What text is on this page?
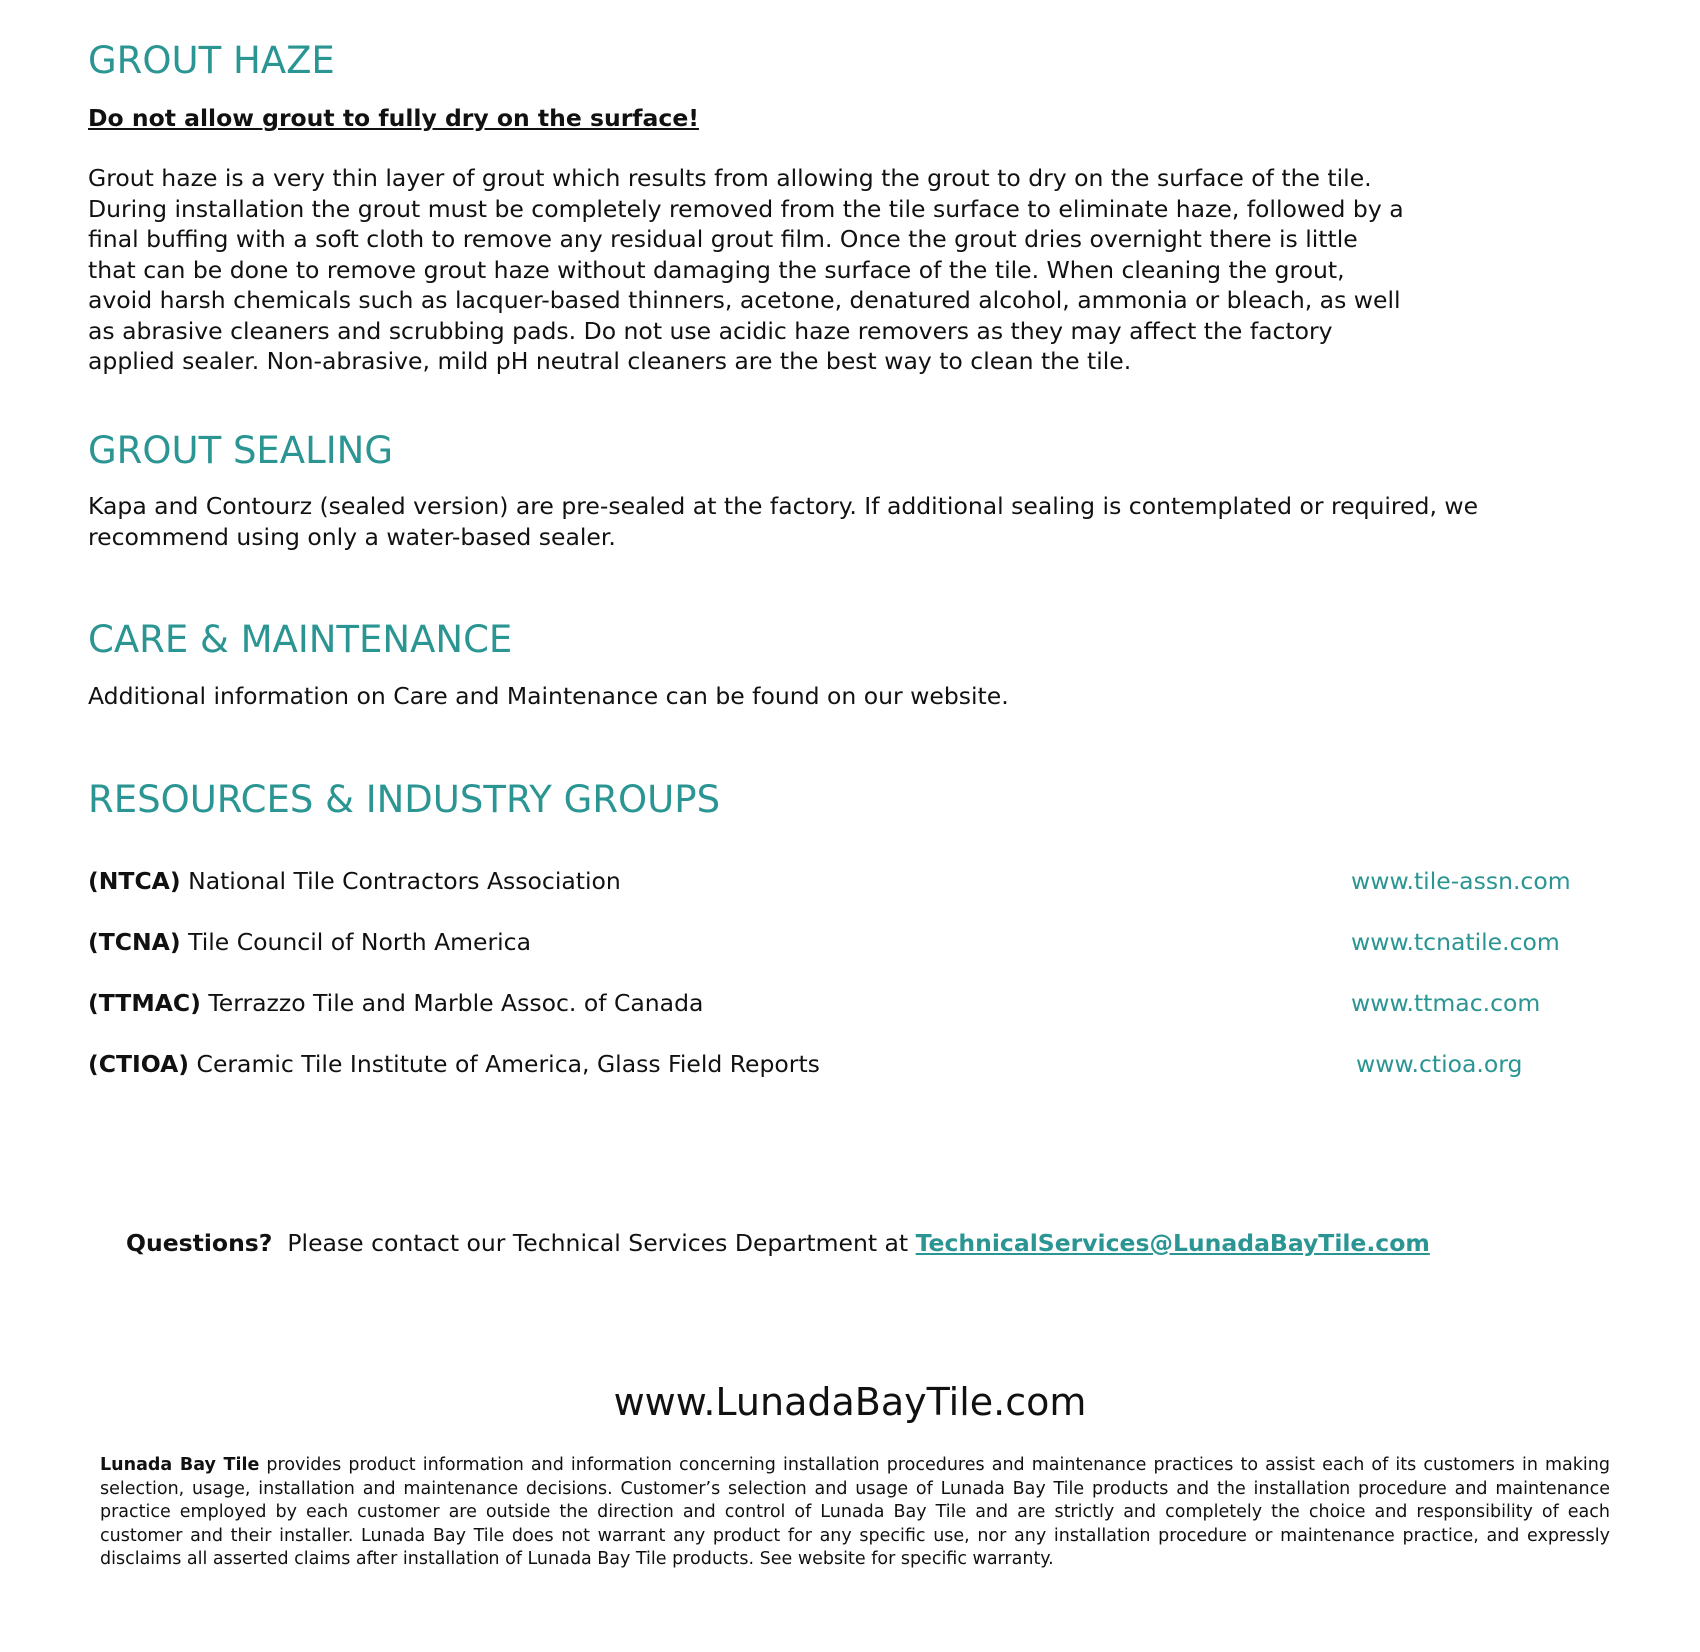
GROUT HAZE

Do not allow grout to fully dry on the surface!

Grout haze is a very thin layer of grout which results from allowing the grout to dry on the surface of the tile.
During installation the grout must be completely removed from the tile surface to eliminate haze, followed by a
final buffing with a soft cloth to remove any residual grout film. Once the grout dries overnight there is little
that can be done to remove grout haze without damaging the surface of the tile. When cleaning the grout,
avoid harsh chemicals such as lacquer-based thinners, acetone, denatured alcohol, ammonia or bleach, as well
as abrasive cleaners and scrubbing pads. Do not use acidic haze removers as they may affect the factory
applied sealer. Non-abrasive, mild pH neutral cleaners are the best way to clean the tile.
GROUT SEALING
Kapa and Contourz (sealed version) are pre-sealed at the factory. If additional sealing is contemplated or required, we
recommend using only a water-based sealer.
CARE & MAINTENANCE
Additional information on Care and Maintenance can be found on our website.
RESOURCES & INDUSTRY GROUPS
(NTCA) National Tile Contractors Association	www.tile-assn.com
(TCNA) Tile Council of North America	www.tcnatile.com
(TTMAC) Terrazzo Tile and Marble Assoc. of Canada	www.ttmac.com
(CTIOA) Ceramic Tile Institute of America, Glass Field Reports	www.ctioa.org
Questions? Please contact our Technical Services Department at TechnicalServices@LunadaBayTile.com
www.LunadaBayTile.com

Lunada Bay Tile provides product information and information concerning installation procedures and maintenance practices to assist each of its customers in making selection, usage, installation and maintenance decisions. Customer’s selection and usage of Lunada Bay Tile products and the installation procedure and maintenance practice employed by each customer are outside the direction and control of Lunada Bay Tile and are strictly and completely the choice and responsibility of each customer and their installer. Lunada Bay Tile does not warrant any product for any specific use, nor any installation procedure or maintenance practice, and expressly disclaims all asserted claims after installation of Lunada Bay Tile products. See website for specific warranty.
